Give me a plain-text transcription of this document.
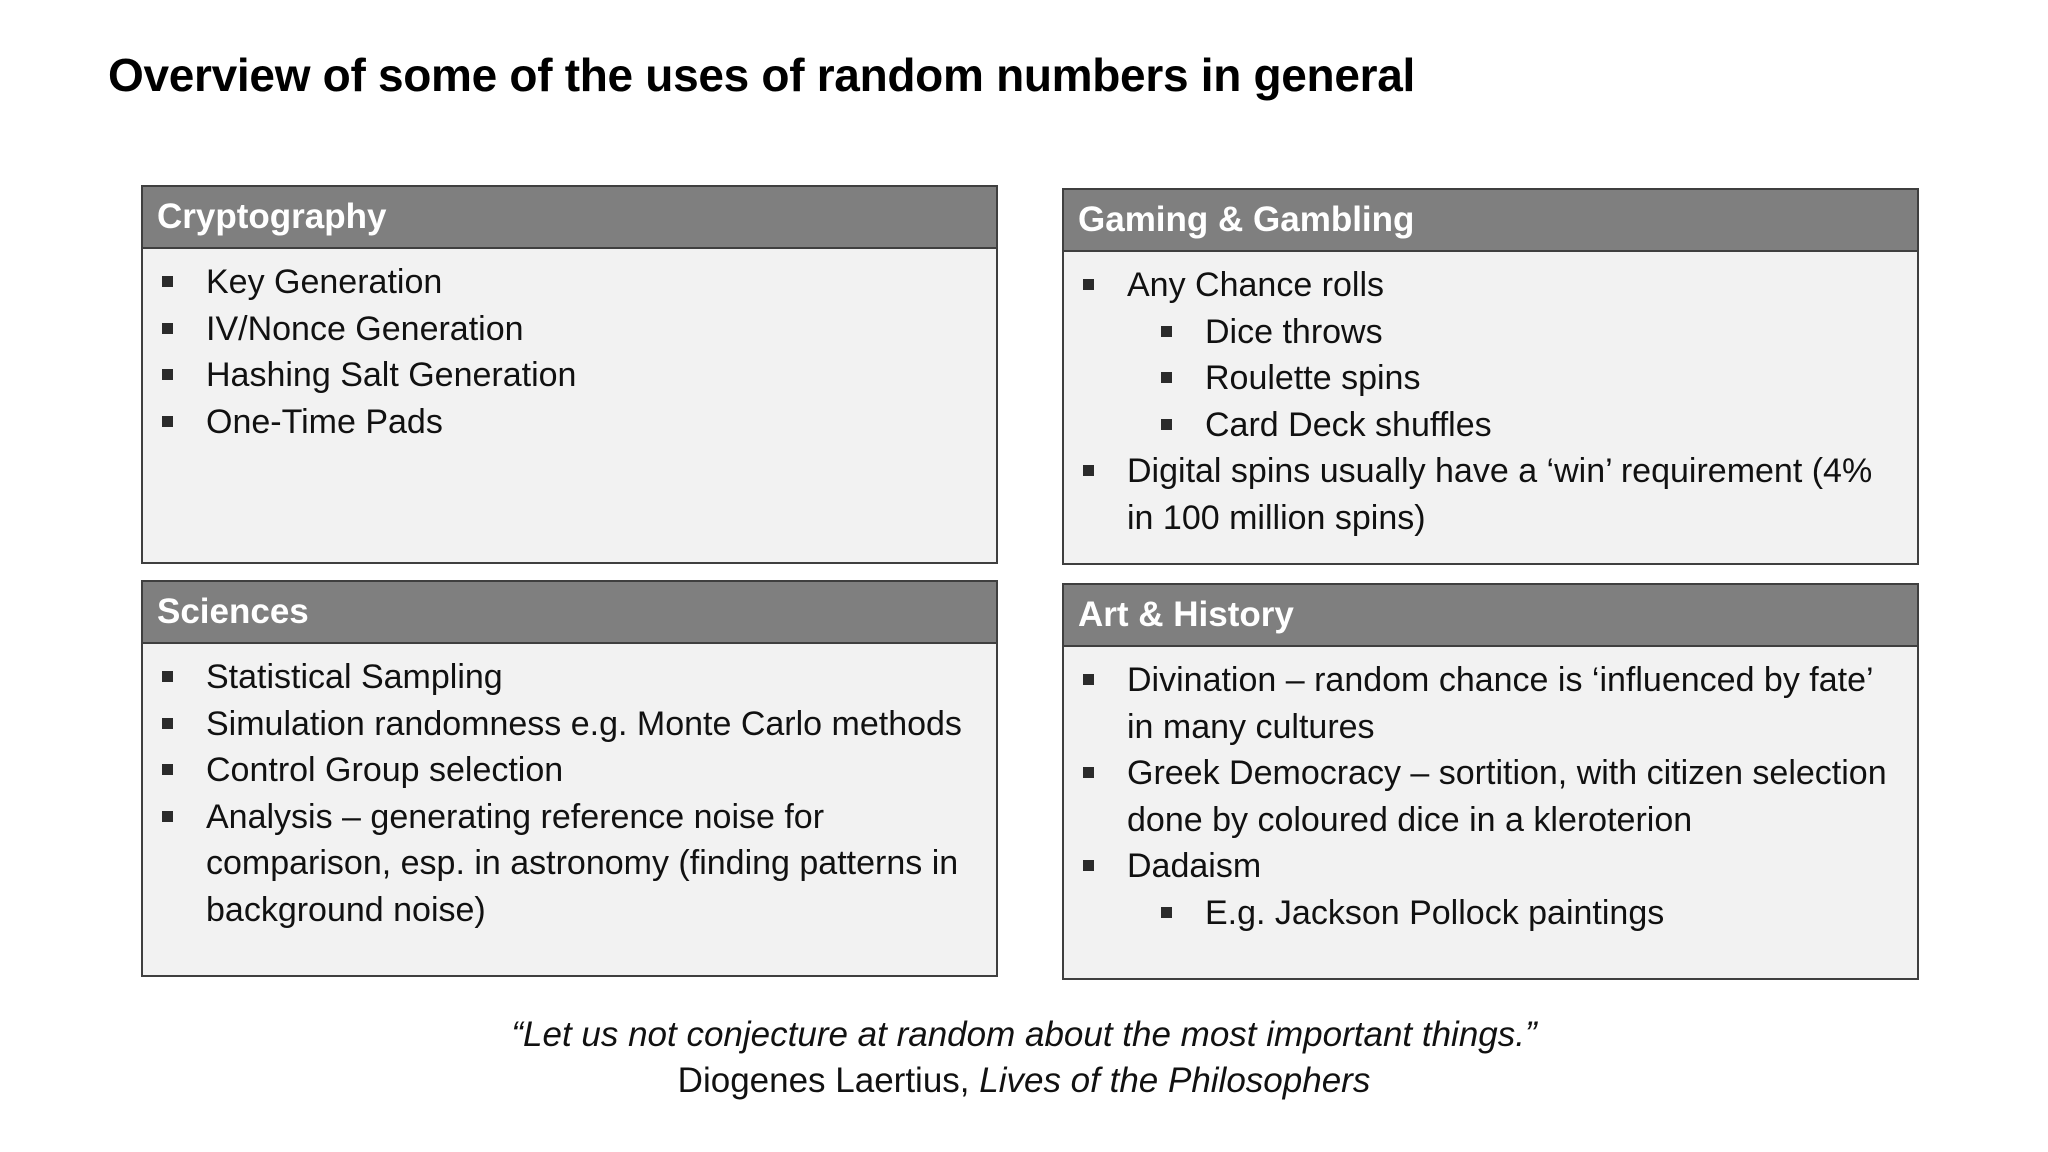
Overview of some of the uses of random numbers in general
Cryptography
Key Generation
IV/Nonce Generation
Hashing Salt Generation
One-Time Pads
Gaming & Gambling
Any Chance rolls
Dice throws
Roulette spins
Card Deck shuffles
Digital spins usually have a ‘win’ requirement (4% in 100 million spins)
Sciences
Statistical Sampling
Simulation randomness e.g. Monte Carlo methods
Control Group selection
Analysis – generating reference noise for comparison, esp. in astronomy (finding patterns in background noise)
Art & History
Divination – random chance is ‘influenced by fate’ in many cultures
Greek Democracy – sortition, with citizen selection done by coloured dice in a kleroterion
Dadaism
E.g. Jackson Pollock paintings
“Let us not conjecture at random about the most important things.”
Diogenes Laertius, Lives of the Philosophers
